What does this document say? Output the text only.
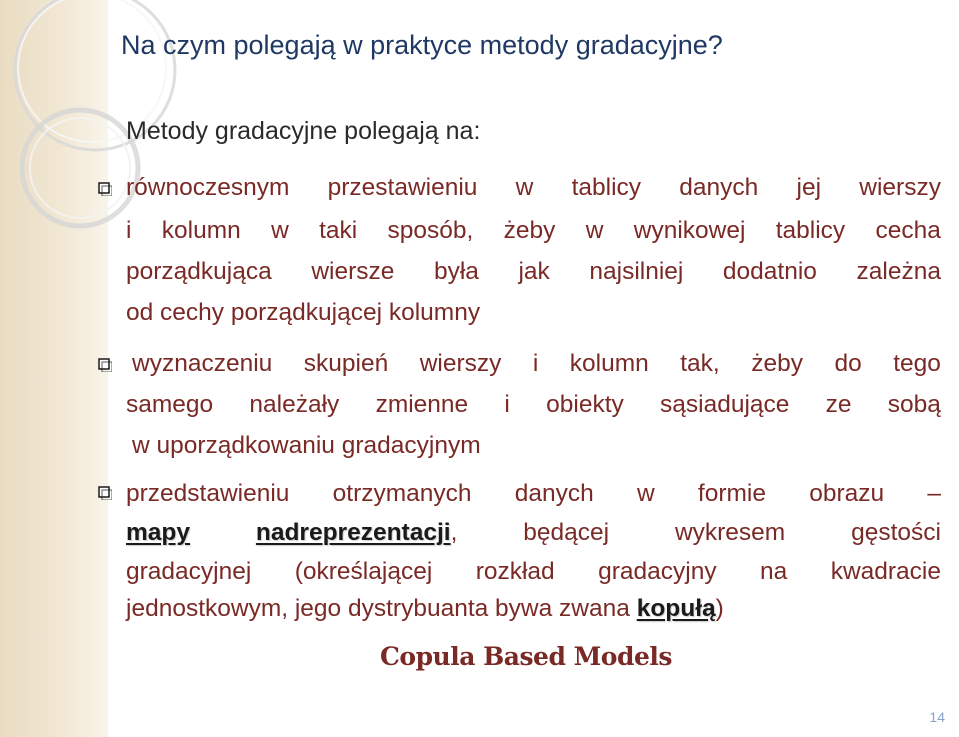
Na czym polegają w praktyce metody gradacyjne?
Metody gradacyjne polegają na:
równoczesnym przestawieniu w tablicy danych jej wierszy
i kolumn w taki sposób, żeby w wynikowej tablicy cecha
porządkująca wiersze była jak najsilniej dodatnio zależna
od cechy porządkującej kolumny
wyznaczeniu skupień wierszy i kolumn tak, żeby do tego
samego należały zmienne i obiekty sąsiadujące ze sobą
w uporządkowaniu gradacyjnym
przedstawieniu otrzymanych danych w formie obrazu –
mapy	nadreprezentacji,	będącej	wykresem	gęstości
gradacyjnej (określającej rozkład gradacyjny na kwadracie
jednostkowym, jego dystrybuanta bywa zwana kopułą)
Copula Based Models
14
